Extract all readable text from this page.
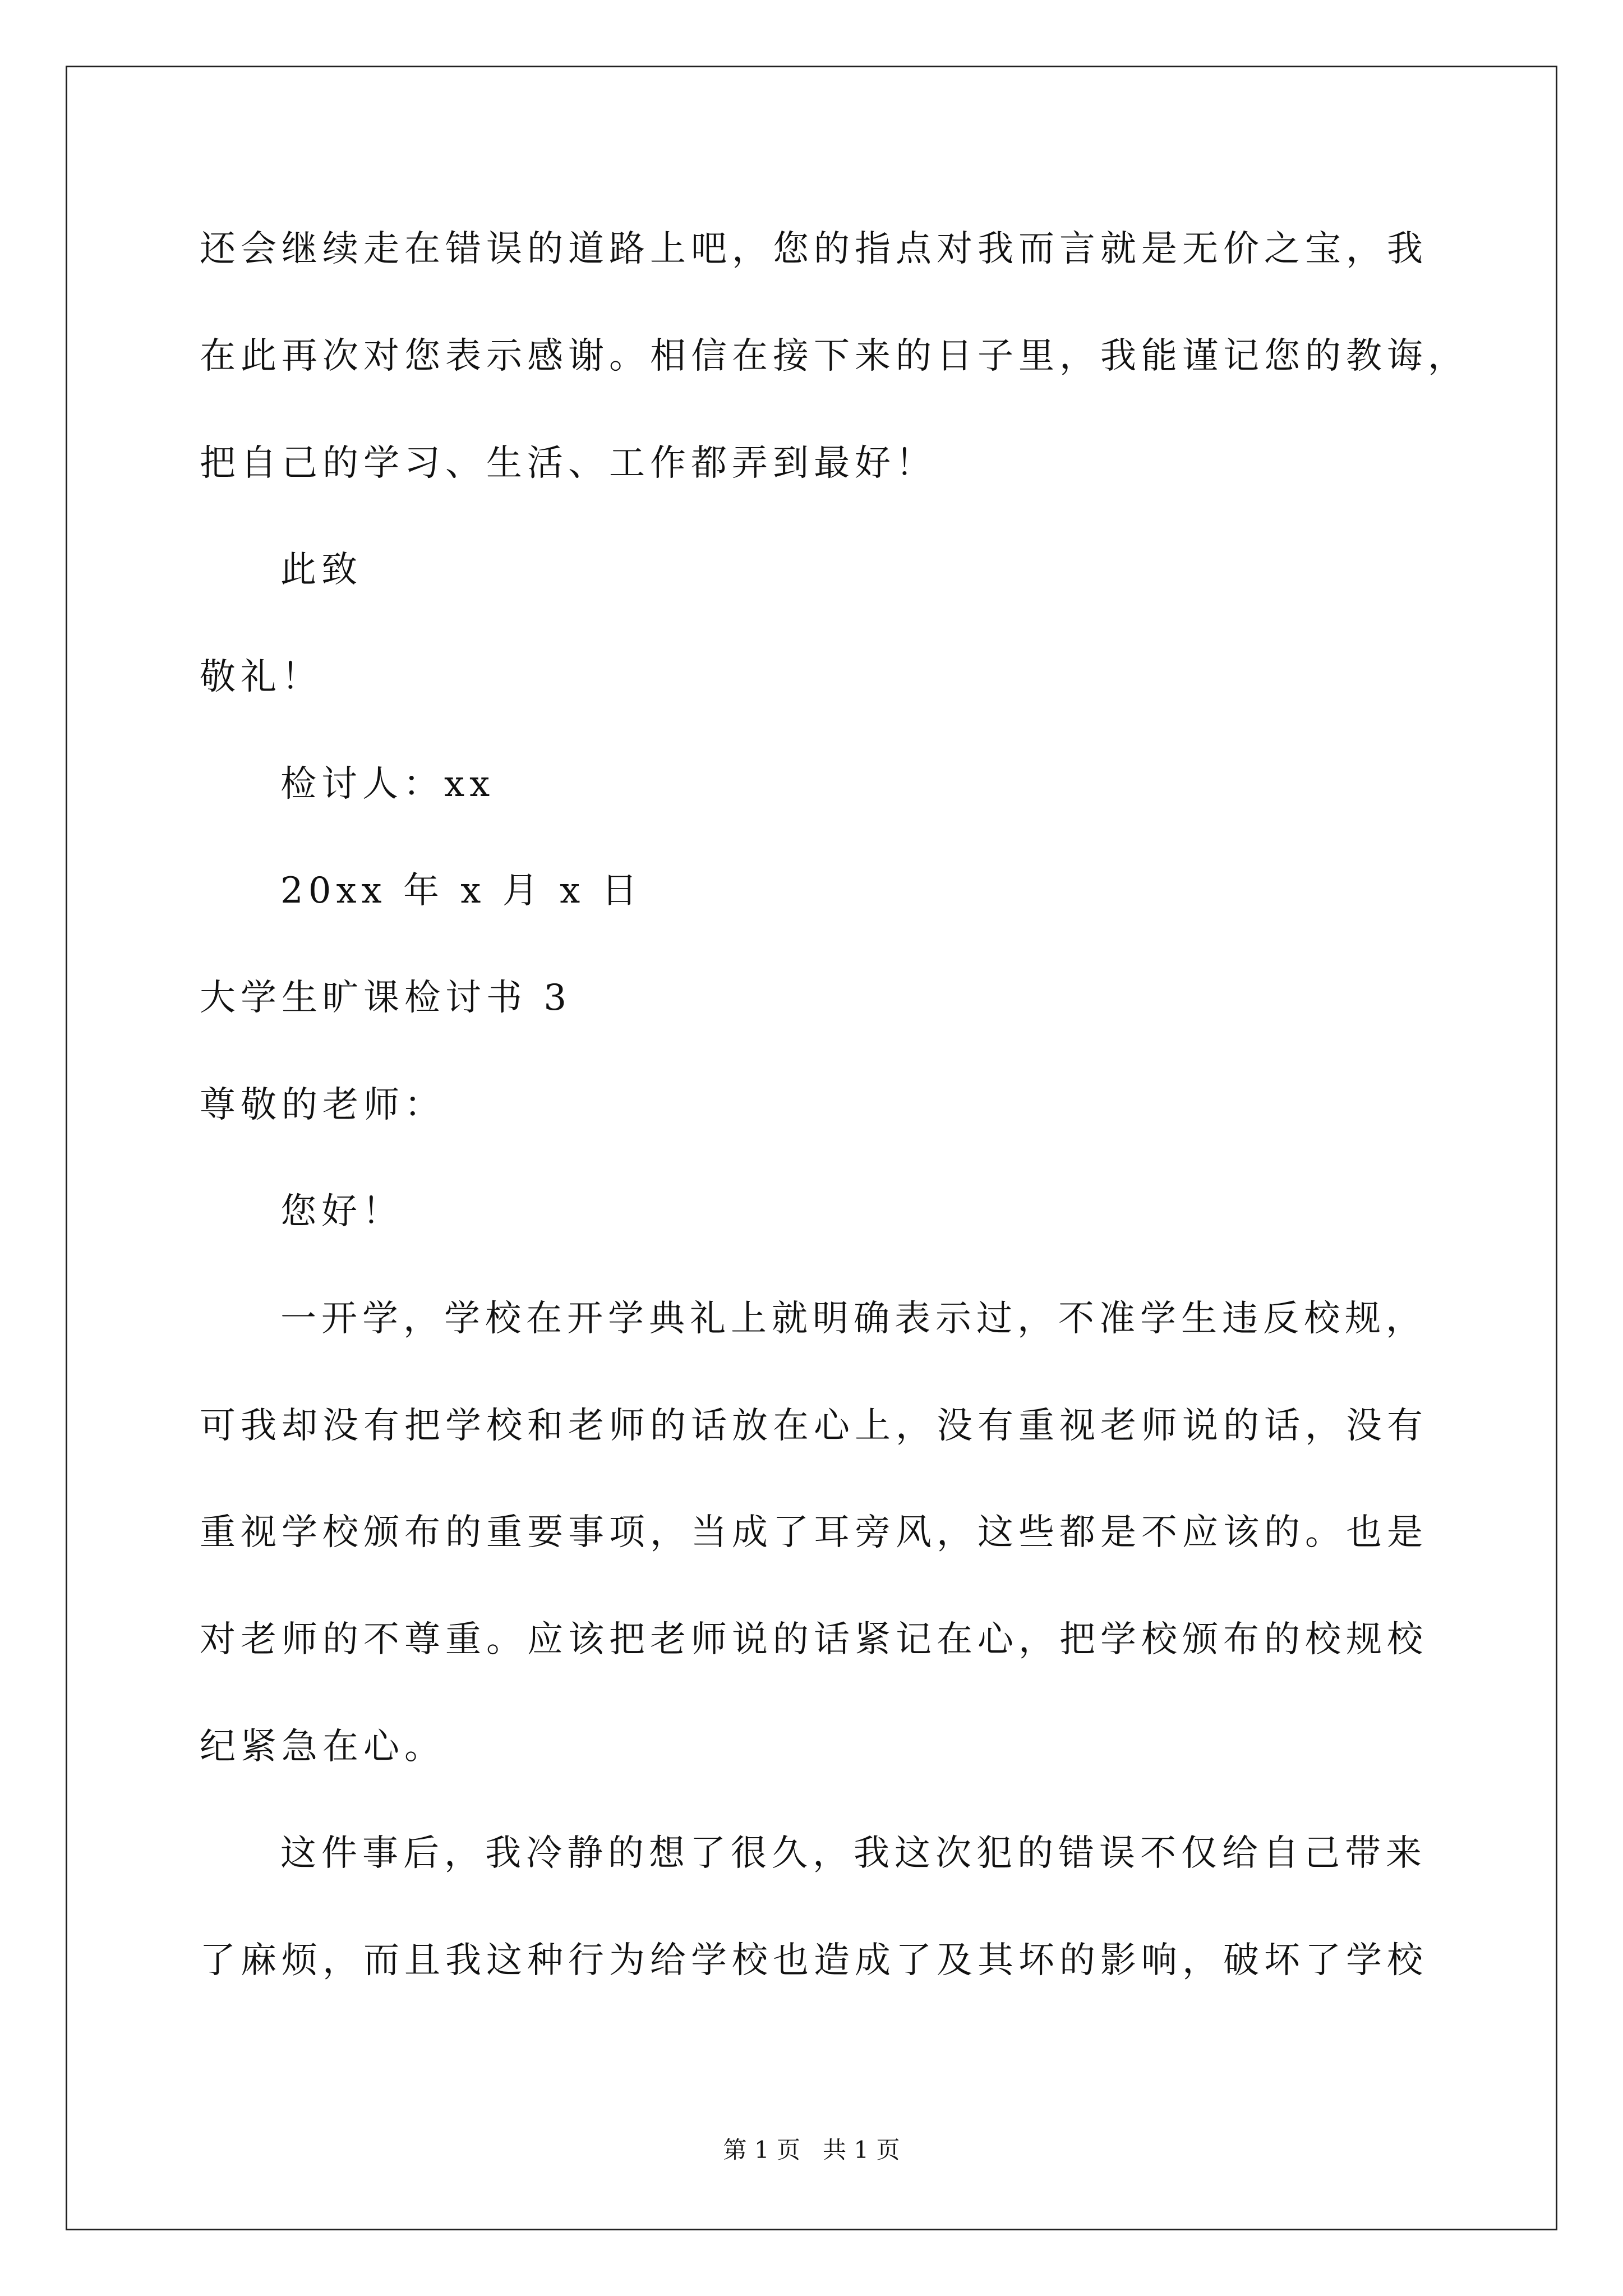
还会继续走在错误的道路上吧，您的指点对我而言就是无价之宝，我
在此再次对您表示感谢。相信在接下来的日子里，我能谨记您的教诲，
把自己的学习、生活、工作都弄到最好！
此致
敬礼！
检讨人：xx
20xx 年 x 月 x 日
大学生旷课检讨书 3
尊敬的老师：
您好！
一开学，学校在开学典礼上就明确表示过，不准学生违反校规，
可我却没有把学校和老师的话放在心上，没有重视老师说的话，没有
重视学校颁布的重要事项，当成了耳旁风，这些都是不应该的。也是
对老师的不尊重。应该把老师说的话紧记在心，把学校颁布的校规校
纪紧急在心。
这件事后，我冷静的想了很久，我这次犯的错误不仅给自己带来
了麻烦，而且我这种行为给学校也造成了及其坏的影响，破坏了学校
第 1 页   共 1 页
